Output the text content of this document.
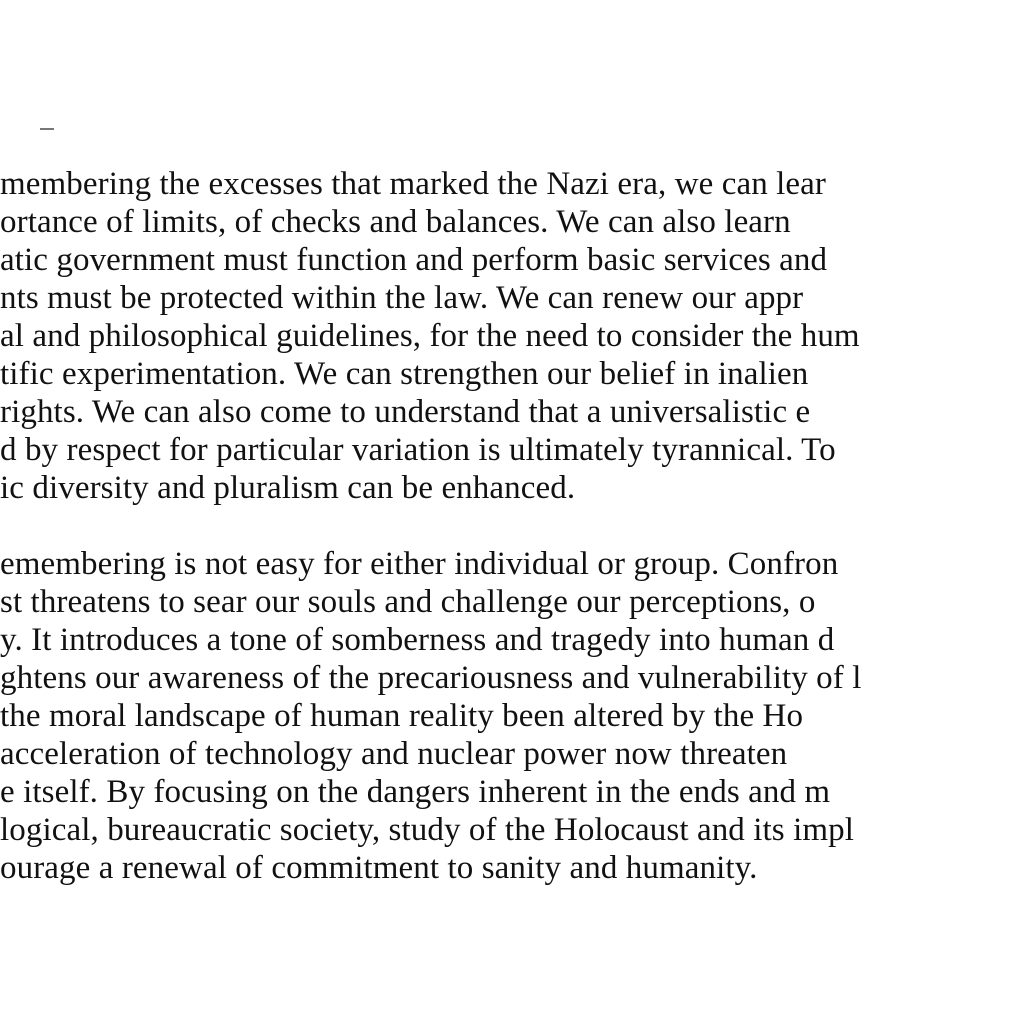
membering the excesses that marked the Nazi era, we can lear
ortance of limits, of checks and balances. We can also learn
atic government must function and perform basic services and
nts must be protected within the law. We can renew our appr
al and philosophical guidelines, for the need to consider the hum
tific experimentation. We can strengthen our belief in inalien
rights. We can also come to understand that a universalistic e
d by respect for particular variation is ultimately tyrannical. To
ic diversity and pluralism can be enhanced.
emembering is not easy for either individual or group. Confron
st threatens to sear our souls and challenge our perceptions, o
y. It introduces a tone of somberness and tragedy into human d
ghtens our awareness of the precariousness and vulnerability of l
the moral landscape of human reality been altered by the Ho
acceleration of technology and nuclear power now threaten
e itself. By focusing on the dangers inherent in the ends and m
logical, bureaucratic society, study of the Holocaust and its impl
ourage a renewal of commitment to sanity and humanity.
